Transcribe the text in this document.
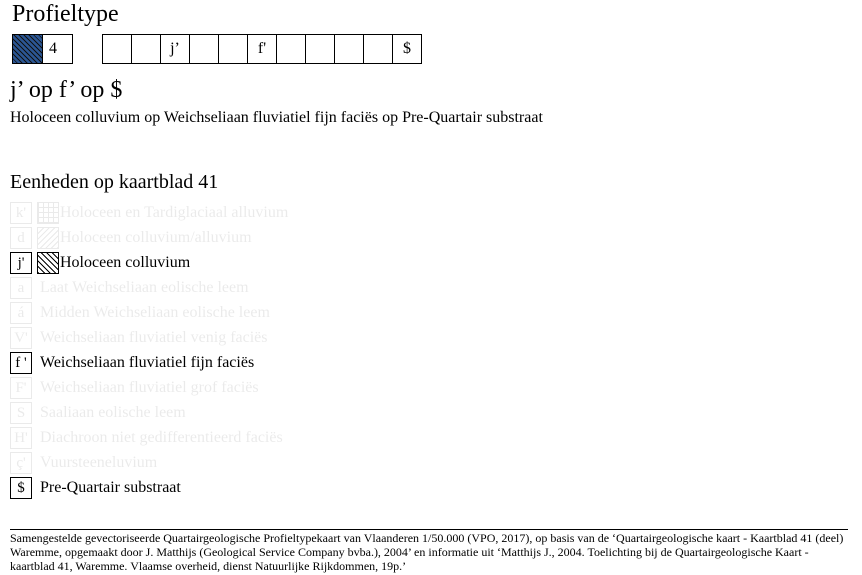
Profieltype
4	j’	f'	$
j’ op f’ op $
Holoceen colluvium op Weichseliaan fluviatiel fijn faciës op Pre-Quartair substraat
Eenheden op kaartblad 41
k'	Holoceen en Tardiglaciaal alluvium
d	Holoceen colluvium/alluvium
j'	Holoceen colluvium
a Laat Weichseliaan eolische leem
á Midden Weichseliaan eolische leem
V' Weichseliaan fluviatiel venig faciës
f ' Weichseliaan fluviatiel fijn faciës
F' Weichseliaan fluviatiel grof faciës
S Saaliaan eolische leem
H' Diachroon niet gedifferentieerd faciës
ç' Vuursteeneluvium
$ Pre-Quartair substraat
Samengestelde gevectoriseerde Quartairgeologische Profieltypekaart van Vlaanderen 1/50.000 (VPO, 2017), op basis van de ‘Quartairgeologische kaart - Kaartblad 41 (deel) Waremme, opgemaakt door J. Matthijs (Geological Service Company bvba.), 2004’ en informatie uit ‘Matthijs J., 2004. Toelichting bij de Quartairgeologische Kaart - kaartblad 41, Waremme. Vlaamse overheid, dienst Natuurlijke Rijkdommen, 19p.’
